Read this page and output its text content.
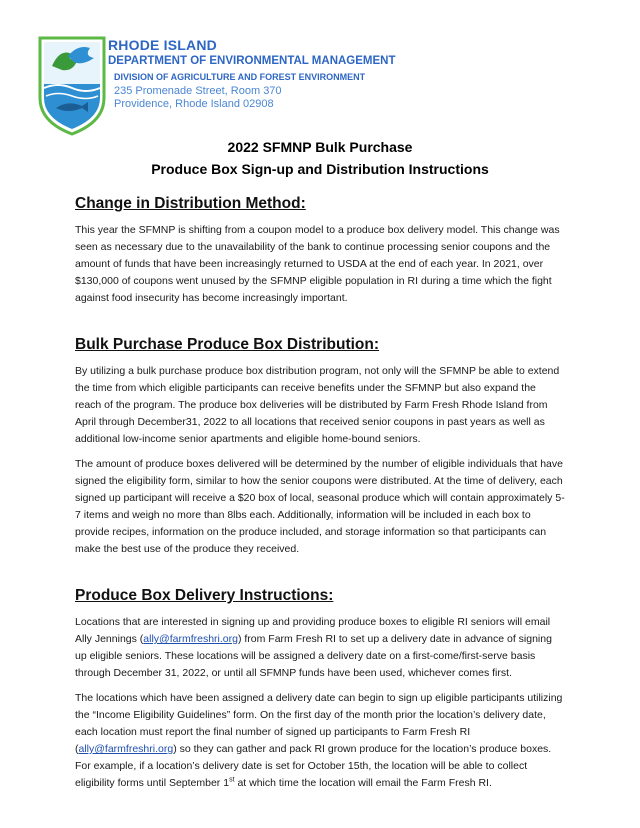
RHODE ISLAND
DEPARTMENT OF ENVIRONMENTAL MANAGEMENT
DIVISION OF AGRICULTURE AND FOREST ENVIRONMENT
235 Promenade Street, Room 370
Providence, Rhode Island 02908
2022 SFMNP Bulk Purchase
Produce Box Sign-up and Distribution Instructions
Change in Distribution Method:

This year the SFMNP is shifting from a coupon model to a produce box delivery model. This change was seen as necessary due to the unavailability of the bank to continue processing senior coupons and the amount of funds that have been increasingly returned to USDA at the end of each year. In 2021, over $130,000 of coupons went unused by the SFMNP eligible population in RI during a time which the fight against food insecurity has become increasingly important.

Bulk Purchase Produce Box Distribution:

By utilizing a bulk purchase produce box distribution program, not only will the SFMNP be able to extend the time from which eligible participants can receive benefits under the SFMNP but also expand the reach of the program. The produce box deliveries will be distributed by Farm Fresh Rhode Island from April through December31, 2022 to all locations that received senior coupons in past years as well as additional low-income senior apartments and eligible home-bound seniors.

The amount of produce boxes delivered will be determined by the number of eligible individuals that have signed the eligibility form, similar to how the senior coupons were distributed. At the time of delivery, each signed up participant will receive a $20 box of local, seasonal produce which will contain approximately 5-7 items and weigh no more than 8lbs each. Additionally, information will be included in each box to provide recipes, information on the produce included, and storage information so that participants can make the best use of the produce they received.

Produce Box Delivery Instructions:

Locations that are interested in signing up and providing produce boxes to eligible RI seniors will email Ally Jennings (ally@farmfreshri.org) from Farm Fresh RI to set up a delivery date in advance of signing up eligible seniors. These locations will be assigned a delivery date on a first-come/first-serve basis through December 31, 2022, or until all SFMNP funds have been used, whichever comes first.

The locations which have been assigned a delivery date can begin to sign up eligible participants utilizing the “Income Eligibility Guidelines” form. On the first day of the month prior the location’s delivery date, each location must report the final number of signed up participants to Farm Fresh RI (ally@farmfreshri.org) so they can gather and pack RI grown produce for the location’s produce boxes. For example, if a location’s delivery date is set for October 15th, the location will be able to collect eligibility forms until September 1st at which time the location will email the Farm Fresh RI.
